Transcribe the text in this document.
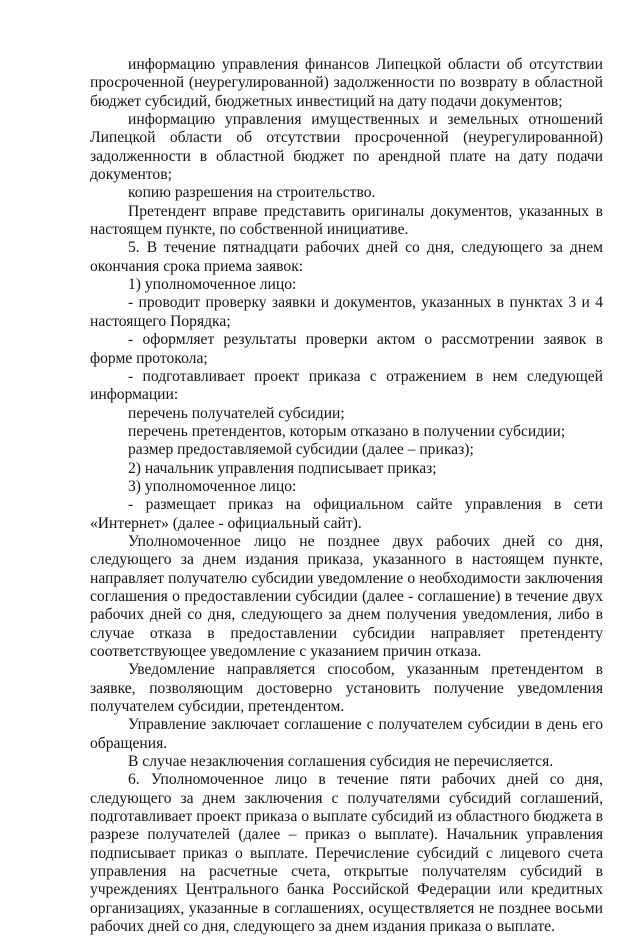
информацию управления финансов Липецкой области об отсутствии просроченной (неурегулированной) задолженности по возврату в областной бюджет субсидий, бюджетных инвестиций на дату подачи документов;

информацию управления имущественных и земельных отношений Липецкой области об отсутствии просроченной (неурегулированной) задолженности в областной бюджет по арендной плате на дату подачи документов;

копию разрешения на строительство.

Претендент вправе представить оригиналы документов, указанных в настоящем пункте, по собственной инициативе.

5. В течение пятнадцати рабочих дней со дня, следующего за днем окончания срока приема заявок:

1) уполномоченное лицо:

- проводит проверку заявки и документов, указанных в пунктах 3 и 4 настоящего Порядка;

- оформляет результаты проверки актом о рассмотрении заявок в форме протокола;

- подготавливает проект приказа с отражением в нем следующей информации:

перечень получателей субсидии;

перечень претендентов, которым отказано в получении субсидии;

размер предоставляемой субсидии (далее – приказ);

2) начальник управления подписывает приказ;

3) уполномоченное лицо:

- размещает приказ на официальном сайте управления в сети «Интернет» (далее - официальный сайт).

Уполномоченное лицо не позднее двух рабочих дней со дня, следующего за днем издания приказа, указанного в настоящем пункте, направляет получателю субсидии уведомление о необходимости заключения соглашения о предоставлении субсидии (далее - соглашение) в течение двух рабочих дней со дня, следующего за днем получения уведомления, либо в случае отказа в предоставлении субсидии направляет претенденту соответствующее уведомление с указанием причин отказа.

Уведомление направляется способом, указанным претендентом в заявке, позволяющим достоверно установить получение уведомления получателем субсидии, претендентом.

Управление заключает соглашение с получателем субсидии в день его обращения.

В случае незаключения соглашения субсидия не перечисляется.

6. Уполномоченное лицо в течение пяти рабочих дней со дня, следующего за днем заключения с получателями субсидий соглашений, подготавливает проект приказа о выплате субсидий из областного бюджета в разрезе получателей (далее – приказ о выплате). Начальник управления подписывает приказ о выплате. Перечисление субсидий с лицевого счета управления на расчетные счета, открытые получателям субсидий в учреждениях Центрального банка Российской Федерации или кредитных организациях, указанные в соглашениях, осуществляется не позднее восьми рабочих дней со дня, следующего за днем издания приказа о выплате.
